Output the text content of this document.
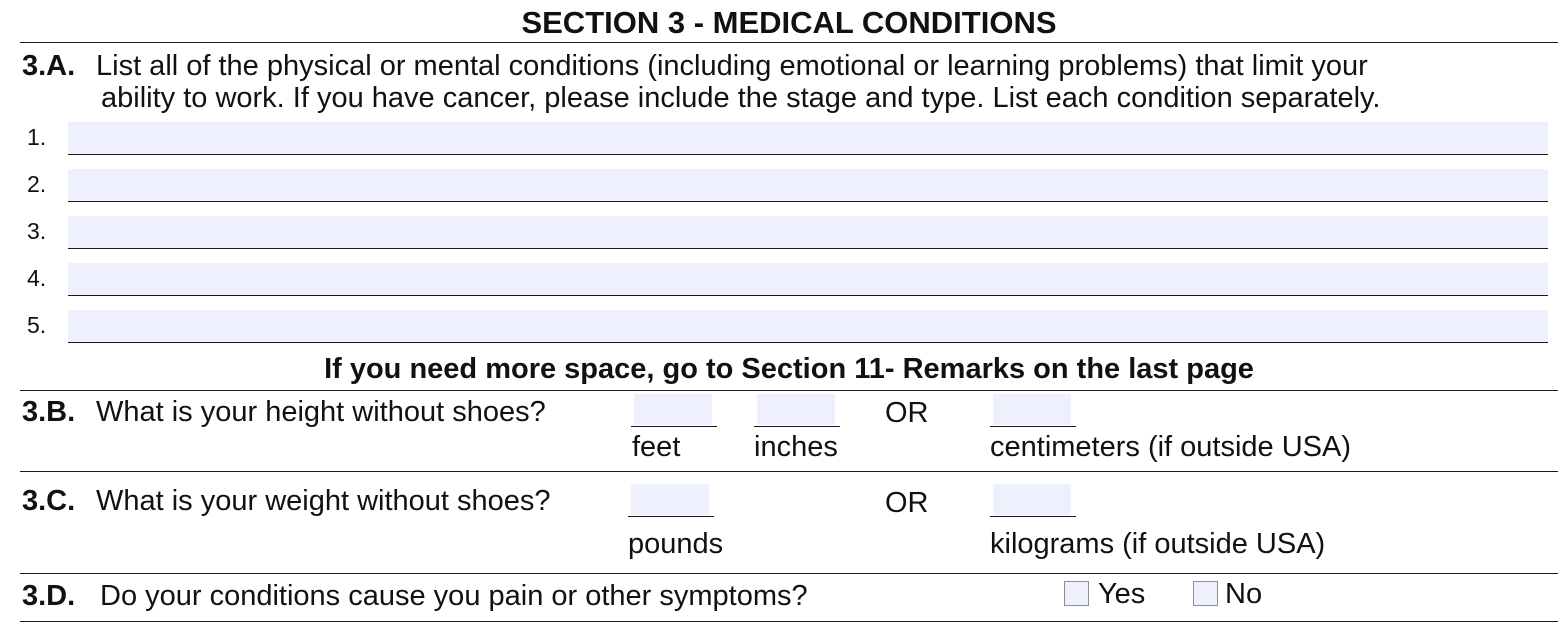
SECTION 3 - MEDICAL CONDITIONS
3.A. List all of the physical or mental conditions (including emotional or learning problems) that limit your
ability to work. If you have cancer, please include the stage and type. List each condition separately.
1.
2.
3.
4.
5.
If you need more space, go to Section 11- Remarks on the last page
3.B. What is your height without shoes?
feet	inches
OR
centimeters (if outside USA)
3.C. What is your weight without shoes?
pounds
OR
kilograms (if outside USA)
3.D. Do your conditions cause you pain or other symptoms?	Yes	No
